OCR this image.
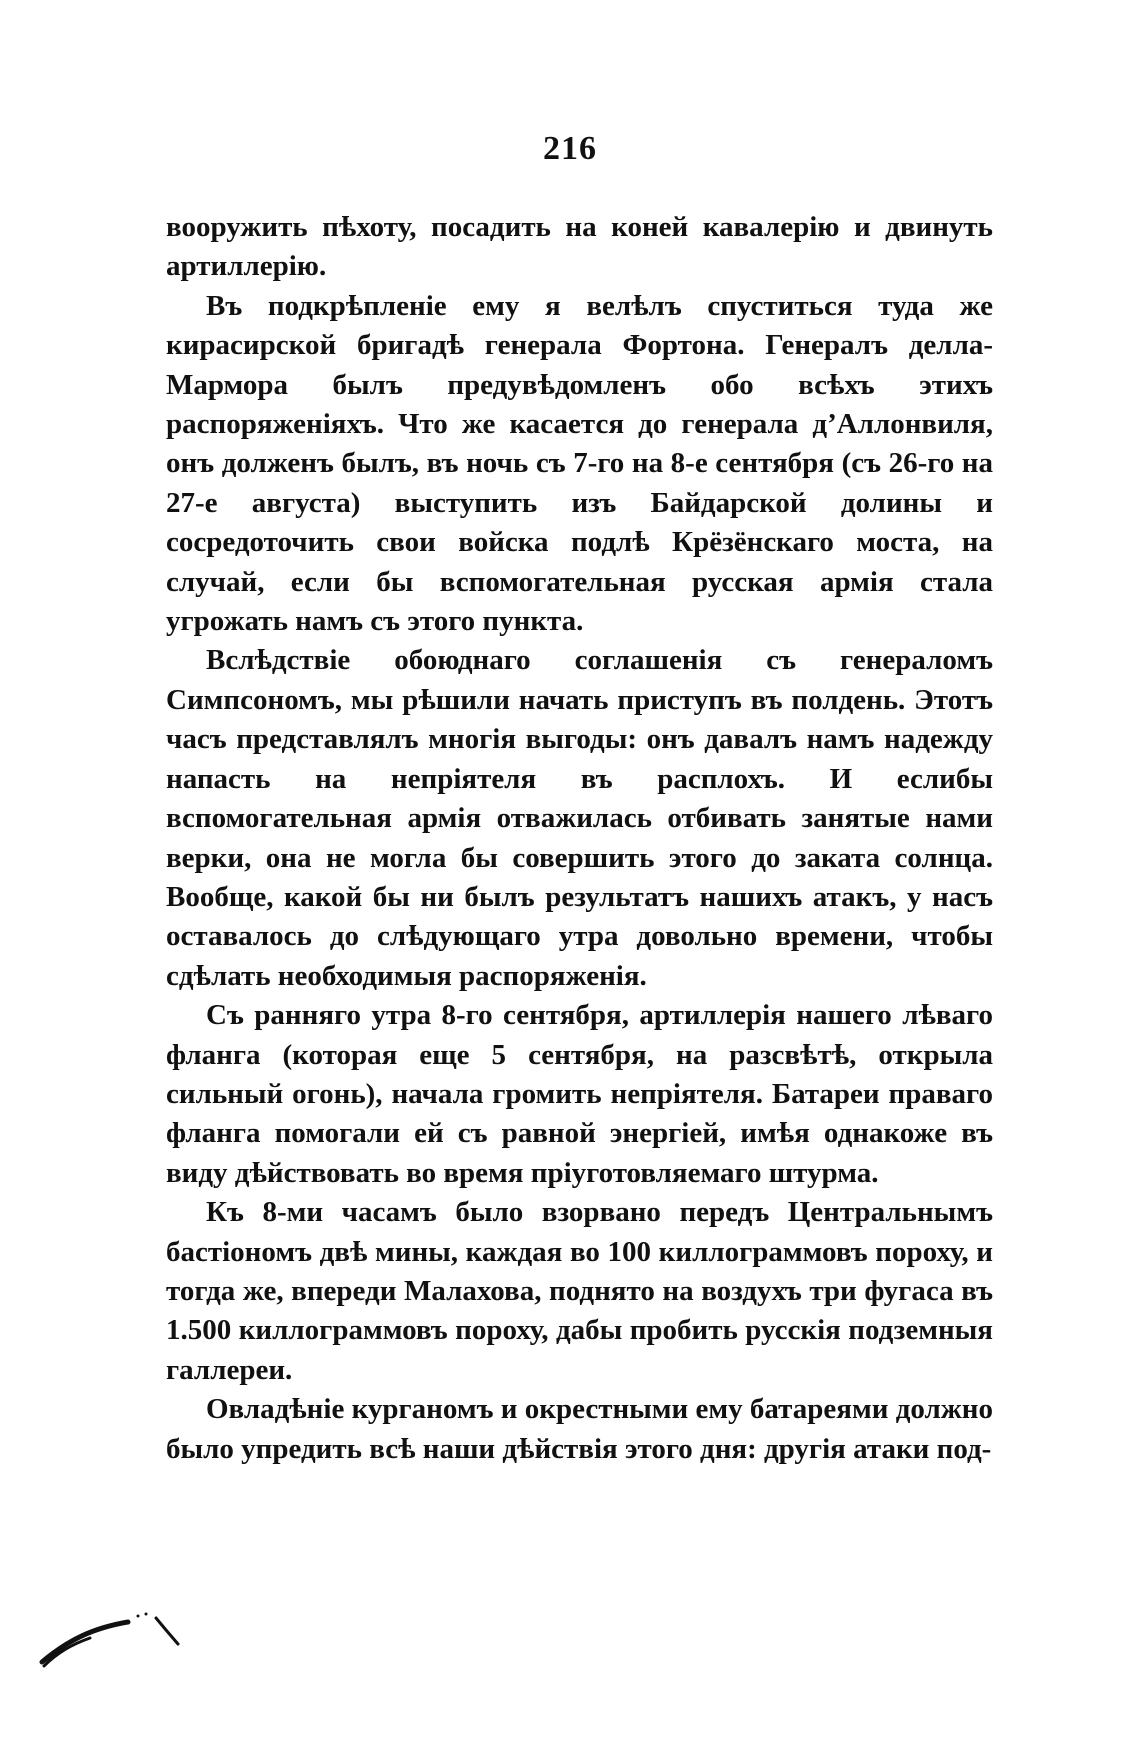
216

вооружить пѣхоту, посадить на коней кавалерію и двинуть артиллерію.

Въ подкрѣпленіе ему я велѣлъ спуститься туда же кирасирской бригадѣ генерала Фортона. Генералъ делла-Мармора былъ предувѣдомленъ обо всѣхъ этихъ распоряженіяхъ. Что же касается до генерала д’Аллонвиля, онъ долженъ былъ, въ ночь съ 7-го на 8-е сентября (съ 26-го на 27-е августа) выступить изъ Байдарской долины и сосредоточить свои войска подлѣ Крёзёнскаго моста, на случай, если бы вспомогательная русская армія стала угрожать намъ съ этого пункта.

Вслѣдствіе обоюднаго соглашенія съ генераломъ Симпсономъ, мы рѣшили начать приступъ въ полдень. Этотъ часъ представлялъ многія выгоды: онъ давалъ намъ надежду напасть на непріятеля въ расплохъ. И еслибы вспомогательная армія отважилась отбивать занятые нами верки, она не могла бы совершить этого до заката солнца. Вообще, какой бы ни былъ результатъ нашихъ атакъ, у насъ оставалось до слѣдующаго утра довольно времени, чтобы сдѣлать необходимыя распоряженія.

Съ ранняго утра 8-го сентября, артиллерія нашего лѣваго фланга (которая еще 5 сентября, на разсвѣтѣ, открыла сильный огонь), начала громить непріятеля. Батареи праваго фланга помогали ей съ равной энергіей, имѣя однакоже въ виду дѣйствовать во время пріуготовляемаго штурма.

Къ 8-ми часамъ было взорвано передъ Центральнымъ бастіономъ двѣ мины, каждая во 100 киллограммовъ пороху, и тогда же, впереди Малахова, поднято на воздухъ три фугаса въ 1.500 киллограммовъ пороху, дабы пробить русскія подземныя галлереи.

Овладѣніе курганомъ и окрестными ему батареями должно было упредить всѣ наши дѣйствія этого дня: другія атаки под-
